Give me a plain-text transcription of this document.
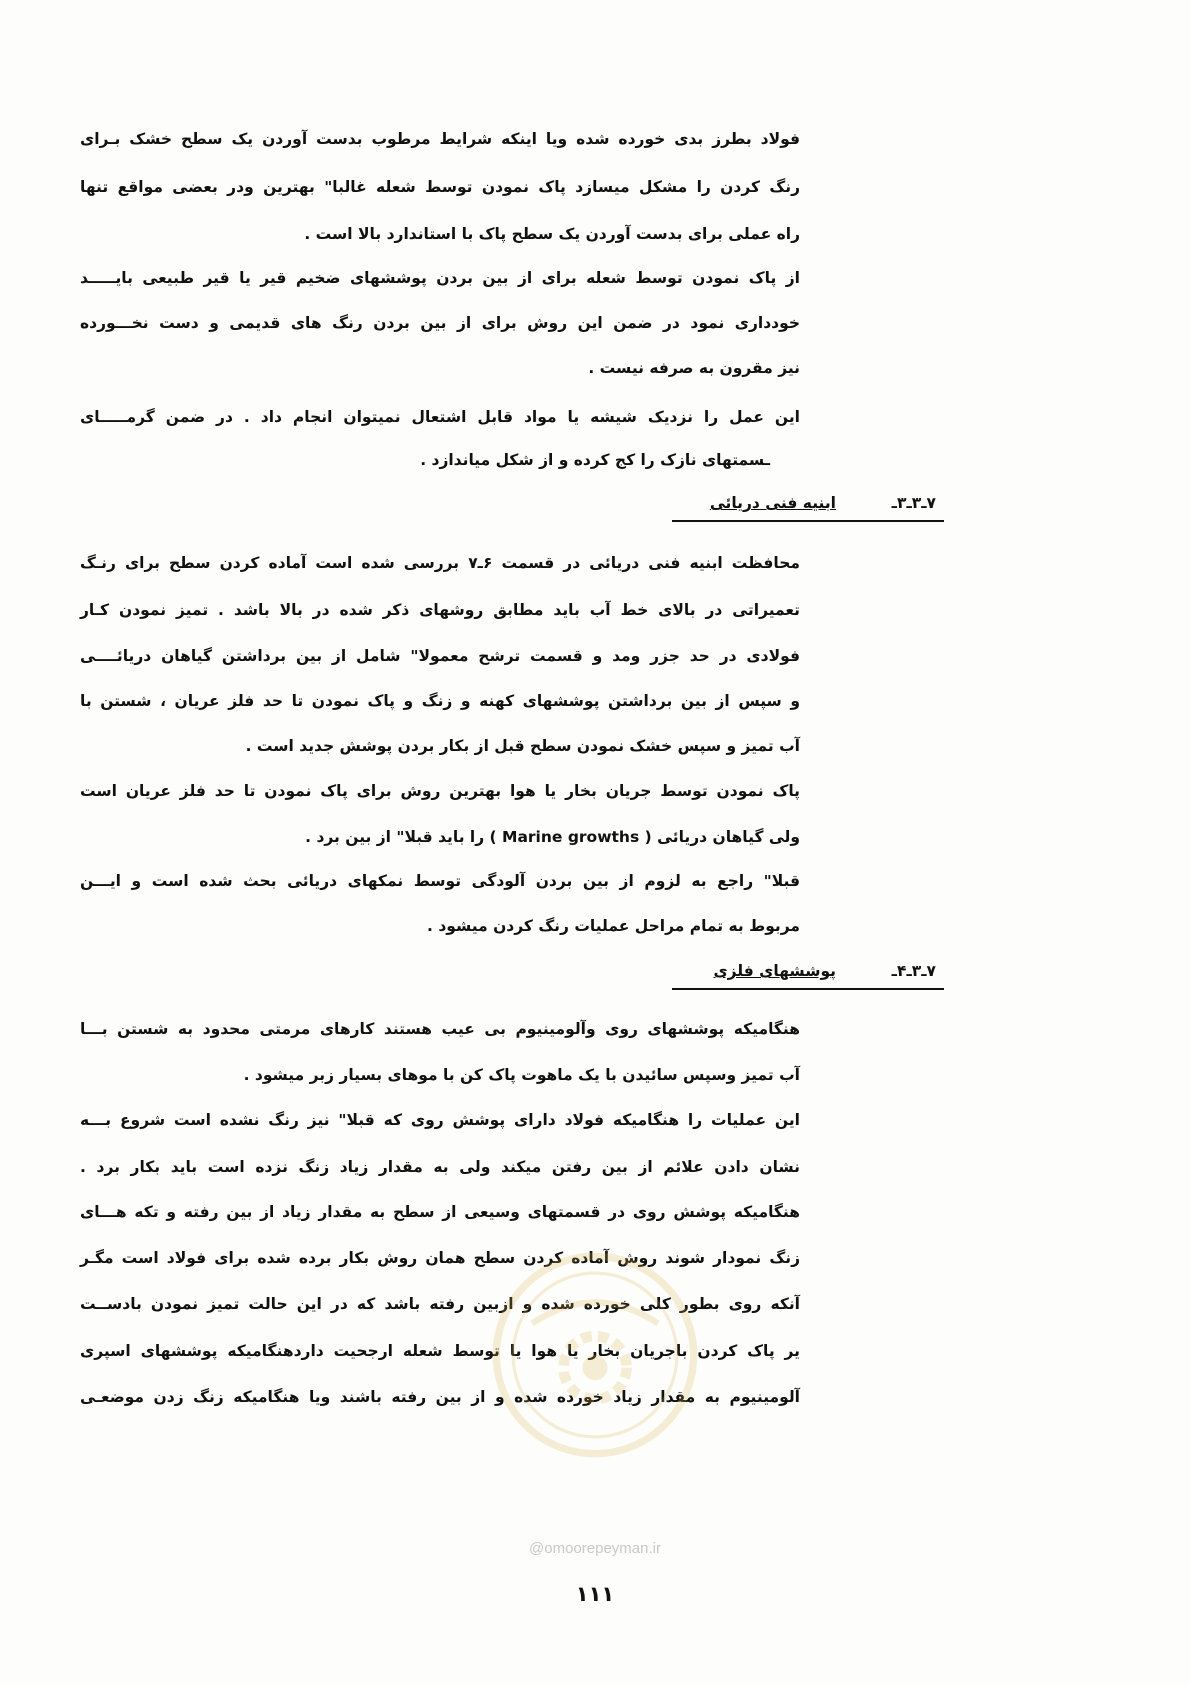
فولاد بطرز بدی خورده شده ویا اینکه شرایط مرطوب بدست آوردن یک سطح خشک بـرای
رنگ کردن را مشکل میسازد پاک نمودن توسط شعله غالبا" بهترین ودر بعضی مواقع تنها
راه عملی برای بدست آوردن یک سطح پاک با استاندارد بالا است .
از پاک نمودن توسط شعله برای از بین بردن پوششهای ضخیم قیر یا قیر طبیعی بایـــــد
خودداری نمود در ضمن این روش برای از بین بردن رنگ های قدیمی و دست نخـــورده
نیز مقرون به صرفه نیست .
این عمل را نزدیک شیشه یا مواد قابل اشتعال نمیتوان انجام داد . در ضمن گرمـــــای
ـسمتهای نازک را کج کرده و از شکل میاندازد .
۷ـ۳ـ۳ـ
ابنیه فنی دریائی
محافظت ابنیه فنی دریائی در قسمت ۶ـ۷ بررسی شده است آماده کردن سطح برای رنـگ
تعمیراتی در بالای خط آب باید مطابق روشهای ذکر شده در بالا باشد . تمیز نمودن کـار
فولادی در حد جزر ومد و قسمت ترشح معمولا" شامل از بین برداشتن گیاهان دریائــــی
و سپس از بین برداشتن پوششهای کهنه و زنگ و پاک نمودن تا حد فلز عریان ، شستن با
آب تمیز و سپس خشک نمودن سطح قبل از بکار بردن پوشش جدید است .
پاک نمودن توسط جریان بخار یا هوا بهترین روش برای پاک نمودن تا حد فلز عریان است
ولی گیاهان دریائی ( Marine growths ) را باید قبلا" از بین برد .
قبلا" راجع به لزوم از بین بردن آلودگی توسط نمکهای دریائی بحث شده است و ایـــن
مربوط به تمام مراحل عملیات رنگ کردن میشود .
۷ـ۳ـ۴ـ
پوششهای فلزی
هنگامیکه پوششهای روی وآلومینیوم بی عیب هستند کارهای مرمتی محدود به شستن بـــا
آب تمیز وسپس سائیدن با یک ماهوت پاک کن با موهای بسیار زبر میشود .
این عملیات را هنگامیکه فولاد دارای پوشش روی که قبلا" نیز رنگ نشده است شروع بـــه
نشان دادن علائم از بین رفتن میکند ولی به مقدار زیاد زنگ نزده است باید بکار برد .
هنگامیکه پوشش روی در قسمتهای وسیعی از سطح به مقدار زیاد از بین رفته و تکه هـــای
زنگ نمودار شوند روش آماده کردن سطح همان روش بکار برده شده برای فولاد است مگـر
آنکه روی بطور کلی خورده شده و ازبین رفته باشد که در این حالت تمیز نمودن بادســت
یر پاک کردن باجریان بخار یا هوا یا توسط شعله ارجحیت داردهنگامیکه پوششهای اسپری
آلومینیوم به مقدار زیاد خورده شده و از بین رفته باشند ویا هنگامیکه زنگ زدن موضعـی
@omoorepeyman.ir
۱۱۱
